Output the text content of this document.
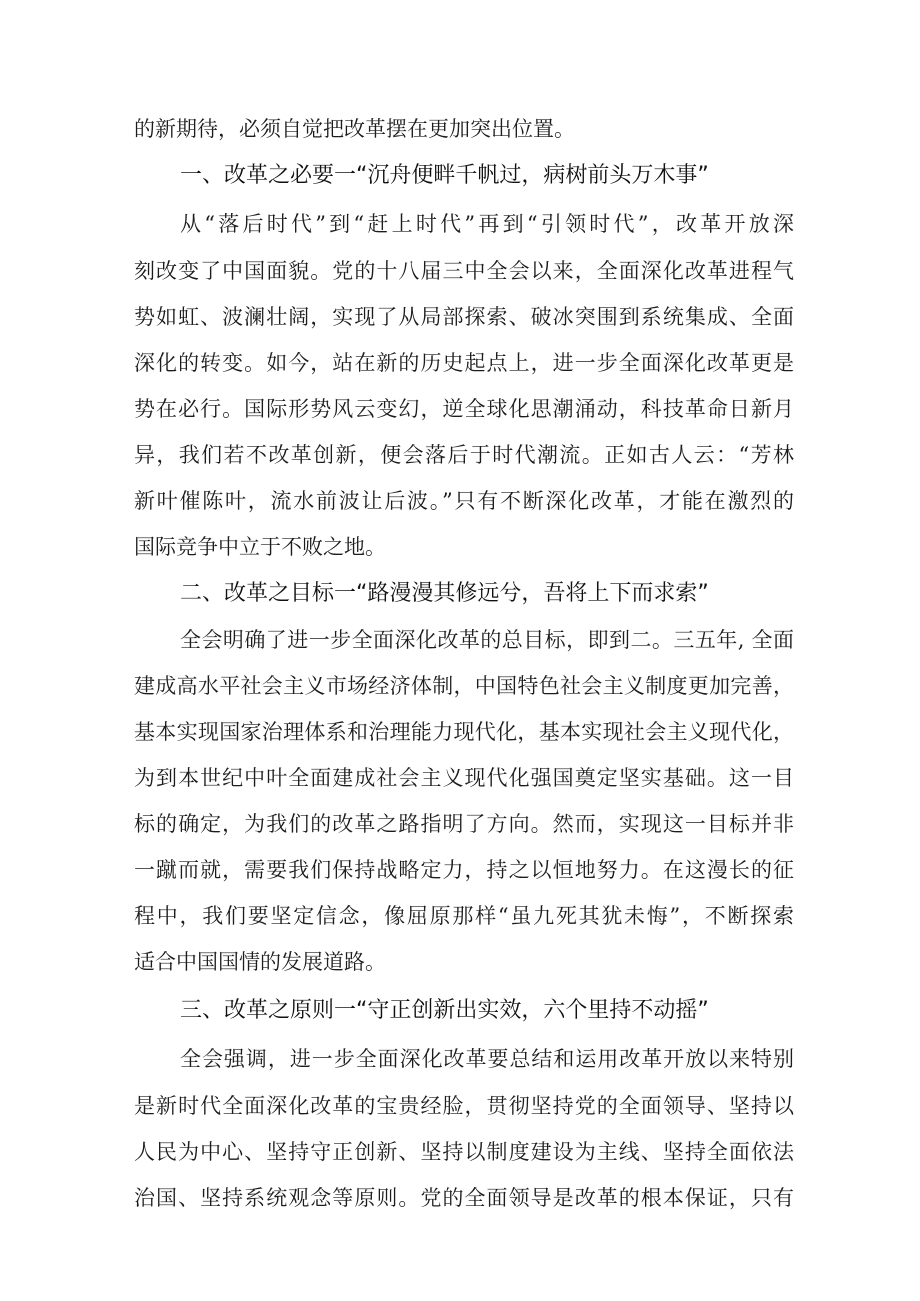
的新期待，必须自觉把改革摆在更加突出位置。
一、改革之必要一“沉舟便畔千帆过，病树前头万木事”
从“落后时代”到“赶上时代”再到“引领时代”，改革开放深
刻改变了中国面貌。党的十八届三中全会以来，全面深化改革进程气
势如虹、波澜壮阔，实现了从局部探索、破冰突围到系统集成、全面
深化的转变。如今，站在新的历史起点上，进一步全面深化改革更是
势在必行。国际形势风云变幻，逆全球化思潮涌动，科技革命日新月
异，我们若不改革创新，便会落后于时代潮流。正如古人云：“芳林
新叶催陈叶，流水前波让后波。”只有不断深化改革，才能在激烈的
国际竞争中立于不败之地。
二、改革之目标一“路漫漫其修远兮，吾将上下而求索”
全会明确了进一步全面深化改革的总目标，即到二。三五年, 全面
建成高水平社会主义市场经济体制，中国特色社会主义制度更加完善，
基本实现国家治理体系和治理能力现代化，基本实现社会主义现代化，
为到本世纪中叶全面建成社会主义现代化强国奠定坚实基础。这一目
标的确定，为我们的改革之路指明了方向。然而，实现这一目标并非
一蹴而就，需要我们保持战略定力，持之以恒地努力。在这漫长的征
程中，我们要坚定信念，像屈原那样“虽九死其犹未悔”，不断探索
适合中国国情的发展道路。
三、改革之原则一“守正创新出实效，六个里持不动摇”
全会强调，进一步全面深化改革要总结和运用改革开放以来特别
是新时代全面深化改革的宝贵经脸，贯彻坚持党的全面领导、坚持以
人民为中心、坚持守正创新、坚持以制度建设为主线、坚持全面依法
治国、坚持系统观念等原则。党的全面领导是改革的根本保证，只有
